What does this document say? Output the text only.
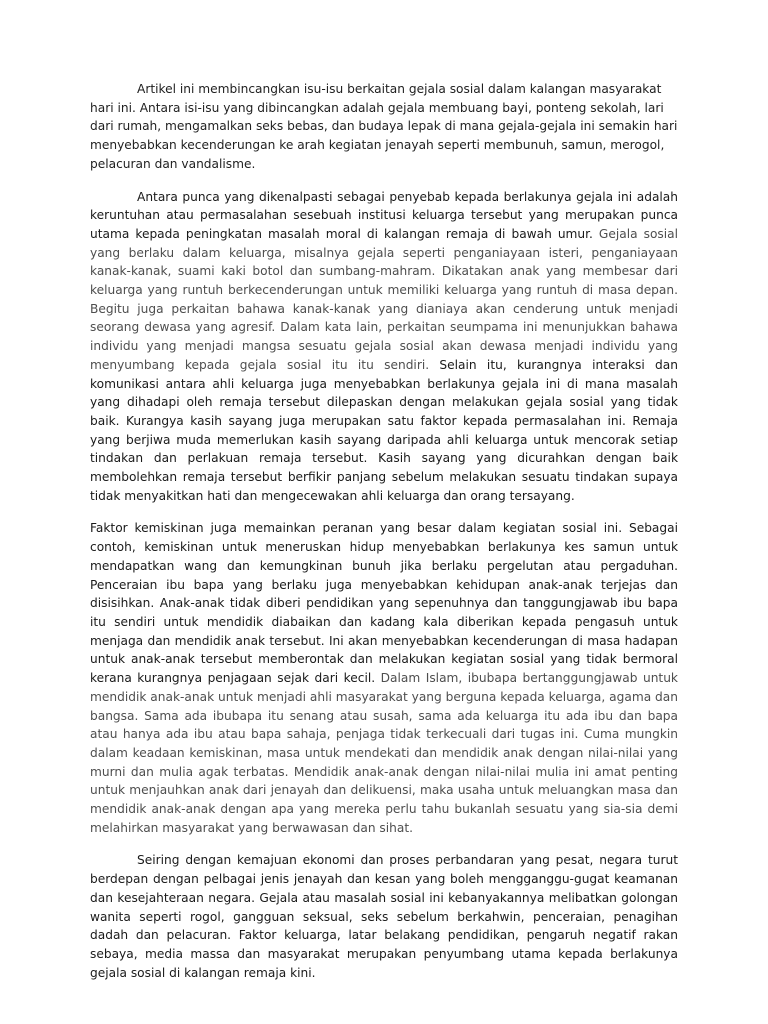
Artikel ini membincangkan isu-isu berkaitan gejala sosial dalam kalangan masyarakat hari ini. Antara isi-isu yang dibincangkan adalah gejala membuang bayi, ponteng sekolah, lari dari rumah, mengamalkan seks bebas, dan budaya lepak di mana gejala-gejala ini semakin hari menyebabkan kecenderungan ke arah kegiatan jenayah seperti membunuh, samun, merogol, pelacuran dan vandalisme.

Antara punca yang dikenalpasti sebagai penyebab kepada berlakunya gejala ini adalah keruntuhan atau permasalahan sesebuah institusi keluarga tersebut yang merupakan punca utama kepada peningkatan masalah moral di kalangan remaja di bawah umur. Gejala sosial yang berlaku dalam keluarga, misalnya gejala seperti penganiayaan isteri, penganiayaan kanak-kanak, suami kaki botol dan sumbang-mahram. Dikatakan anak yang membesar dari keluarga yang runtuh berkecenderungan untuk memiliki keluarga yang runtuh di masa depan. Begitu juga perkaitan bahawa kanak-kanak yang dianiaya akan cenderung untuk menjadi seorang dewasa yang agresif. Dalam kata lain, perkaitan seumpama ini menunjukkan bahawa individu yang menjadi mangsa sesuatu gejala sosial akan dewasa menjadi individu yang menyumbang kepada gejala sosial itu itu sendiri. Selain itu, kurangnya interaksi dan komunikasi antara ahli keluarga juga menyebabkan berlakunya gejala ini di mana masalah yang dihadapi oleh remaja tersebut dilepaskan dengan melakukan gejala sosial yang tidak baik. Kurangya kasih sayang juga merupakan satu faktor kepada permasalahan ini. Remaja yang berjiwa muda memerlukan kasih sayang daripada ahli keluarga untuk mencorak setiap tindakan dan perlakuan remaja tersebut. Kasih sayang yang dicurahkan dengan baik membolehkan remaja tersebut berfikir panjang sebelum melakukan sesuatu tindakan supaya tidak menyakitkan hati dan mengecewakan ahli keluarga dan orang tersayang.

Faktor kemiskinan juga memainkan peranan yang besar dalam kegiatan sosial ini. Sebagai contoh, kemiskinan untuk meneruskan hidup menyebabkan berlakunya kes samun untuk mendapatkan wang dan kemungkinan bunuh jika berlaku pergelutan atau pergaduhan. Penceraian ibu bapa yang berlaku juga menyebabkan kehidupan anak-anak terjejas dan disisihkan. Anak-anak tidak diberi pendidikan yang sepenuhnya dan tanggungjawab ibu bapa itu sendiri untuk mendidik diabaikan dan kadang kala diberikan kepada pengasuh untuk menjaga dan mendidik anak tersebut. Ini akan menyebabkan kecenderungan di masa hadapan untuk anak-anak tersebut memberontak dan melakukan kegiatan sosial yang tidak bermoral kerana kurangnya penjagaan sejak dari kecil. Dalam Islam, ibubapa bertanggungjawab untuk mendidik anak-anak untuk menjadi ahli masyarakat yang berguna kepada keluarga, agama dan bangsa. Sama ada ibubapa itu senang atau susah, sama ada keluarga itu ada ibu dan bapa atau hanya ada ibu atau bapa sahaja, penjaga tidak terkecuali dari tugas ini. Cuma mungkin dalam keadaan kemiskinan, masa untuk mendekati dan mendidik anak dengan nilai-nilai yang murni dan mulia agak terbatas. Mendidik anak-anak dengan nilai-nilai mulia ini amat penting untuk menjauhkan anak dari jenayah dan delikuensi, maka usaha untuk meluangkan masa dan mendidik anak-anak dengan apa yang mereka perlu tahu bukanlah sesuatu yang sia-sia demi melahirkan masyarakat yang berwawasan dan sihat.

Seiring dengan kemajuan ekonomi dan proses perbandaran yang pesat, negara turut berdepan dengan pelbagai jenis jenayah dan kesan yang boleh mengganggu-gugat keamanan dan kesejahteraan negara. Gejala atau masalah sosial ini kebanyakannya melibatkan golongan wanita seperti rogol, gangguan seksual, seks sebelum berkahwin, penceraian, penagihan dadah dan pelacuran. Faktor keluarga, latar belakang pendidikan, pengaruh negatif rakan sebaya, media massa dan masyarakat merupakan penyumbang utama kepada berlakunya gejala sosial di kalangan remaja kini.
